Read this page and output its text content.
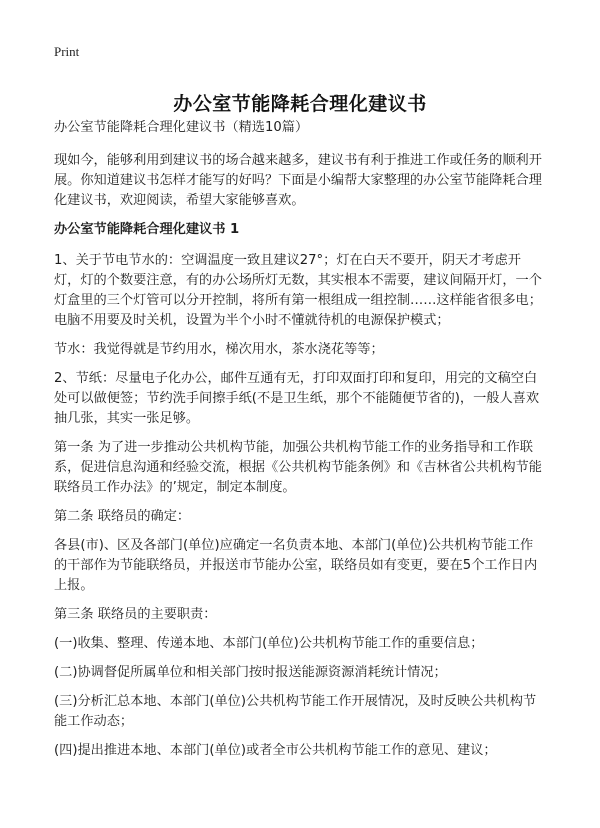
Print
办公室节能降耗合理化建议书

办公室节能降耗合理化建议书（精选10篇）

现如今，能够利用到建议书的场合越来越多，建议书有利于推进工作或任务的顺利开展。你知道建议书怎样才能写的好吗？下面是小编帮大家整理的办公室节能降耗合理化建议书，欢迎阅读，希望大家能够喜欢。

办公室节能降耗合理化建议书 1

1、关于节电节水的：空调温度一致且建议27°；灯在白天不要开，阴天才考虑开灯，灯的个数要注意，有的办公场所灯无数，其实根本不需要，建议间隔开灯，一个灯盒里的三个灯管可以分开控制，将所有第一根组成一组控制……这样能省很多电；电脑不用要及时关机，设置为半个小时不懂就待机的电源保护模式；

节水：我觉得就是节约用水，梯次用水，茶水浇花等等；

2、节纸：尽量电子化办公，邮件互通有无，打印双面打印和复印，用完的文稿空白处可以做便签；节约洗手间擦手纸(不是卫生纸，那个不能随便节省的)，一般人喜欢抽几张，其实一张足够。

第一条 为了进一步推动公共机构节能，加强公共机构节能工作的业务指导和工作联系，促进信息沟通和经验交流，根据《公共机构节能条例》和《吉林省公共机构节能联络员工作办法》的’规定，制定本制度。

第二条 联络员的确定：

各县(市)、区及各部门(单位)应确定一名负责本地、本部门(单位)公共机构节能工作的干部作为节能联络员，并报送市节能办公室，联络员如有变更，要在5个工作日内上报。

第三条 联络员的主要职责：

(一)收集、整理、传递本地、本部门(单位)公共机构节能工作的重要信息；

(二)协调督促所属单位和相关部门按时报送能源资源消耗统计情况；

(三)分析汇总本地、本部门(单位)公共机构节能工作开展情况，及时反映公共机构节能工作动态；

(四)提出推进本地、本部门(单位)或者全市公共机构节能工作的意见、建议；
